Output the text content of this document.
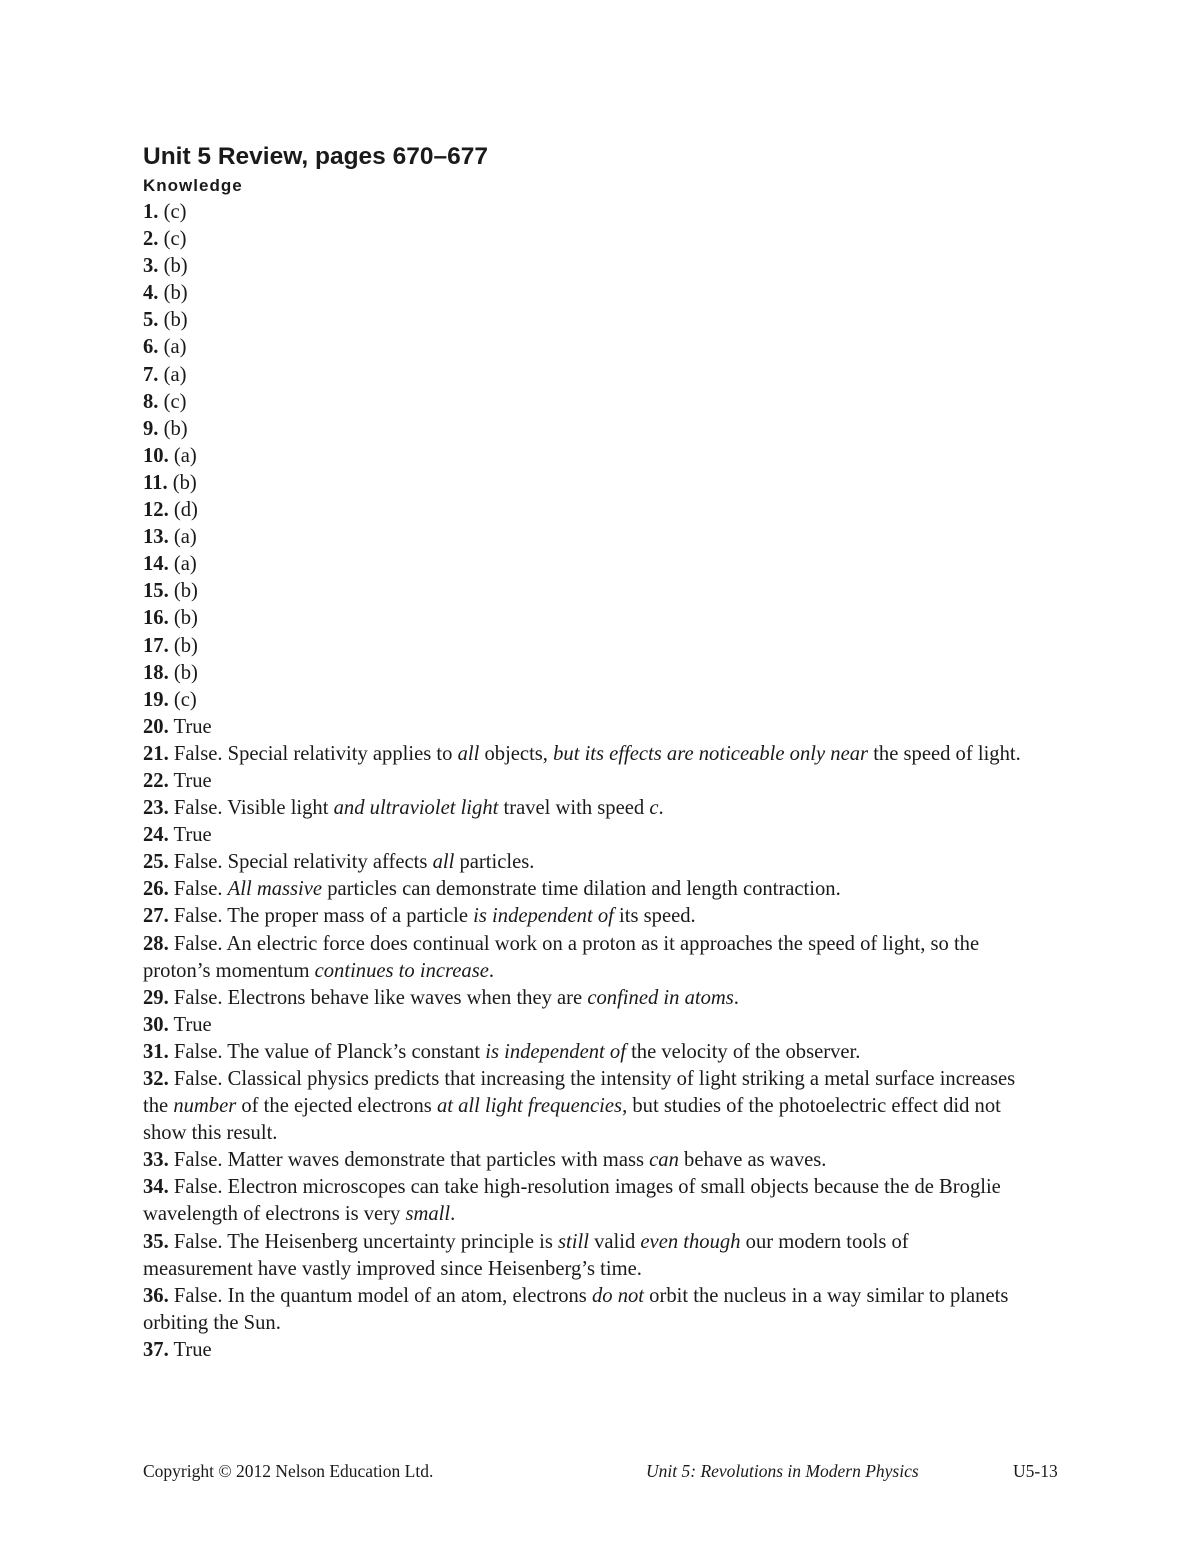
Unit 5 Review, pages 670–677
Knowledge
1. (c)
2. (c)
3. (b)
4. (b)
5. (b)
6. (a)
7. (a)
8. (c)
9. (b)
10. (a)
11. (b)
12. (d)
13. (a)
14. (a)
15. (b)
16. (b)
17. (b)
18. (b)
19. (c)
20. True
21. False. Special relativity applies to all objects, but its effects are noticeable only near the speed of light.
22. True
23. False. Visible light and ultraviolet light travel with speed c.
24. True
25. False. Special relativity affects all particles.
26. False. All massive particles can demonstrate time dilation and length contraction.
27. False. The proper mass of a particle is independent of its speed.
28. False. An electric force does continual work on a proton as it approaches the speed of light, so the proton’s momentum continues to increase.
29. False. Electrons behave like waves when they are confined in atoms.
30. True
31. False. The value of Planck’s constant is independent of the velocity of the observer.
32. False. Classical physics predicts that increasing the intensity of light striking a metal surface increases the number of the ejected electrons at all light frequencies, but studies of the photoelectric effect did not show this result.
33. False. Matter waves demonstrate that particles with mass can behave as waves.
34. False. Electron microscopes can take high-resolution images of small objects because the de Broglie wavelength of electrons is very small.
35. False. The Heisenberg uncertainty principle is still valid even though our modern tools of measurement have vastly improved since Heisenberg’s time.
36. False. In the quantum model of an atom, electrons do not orbit the nucleus in a way similar to planets orbiting the Sun.
37. True
Copyright © 2012 Nelson Education Ltd.	Unit 5: Revolutions in Modern Physics	U5-13
